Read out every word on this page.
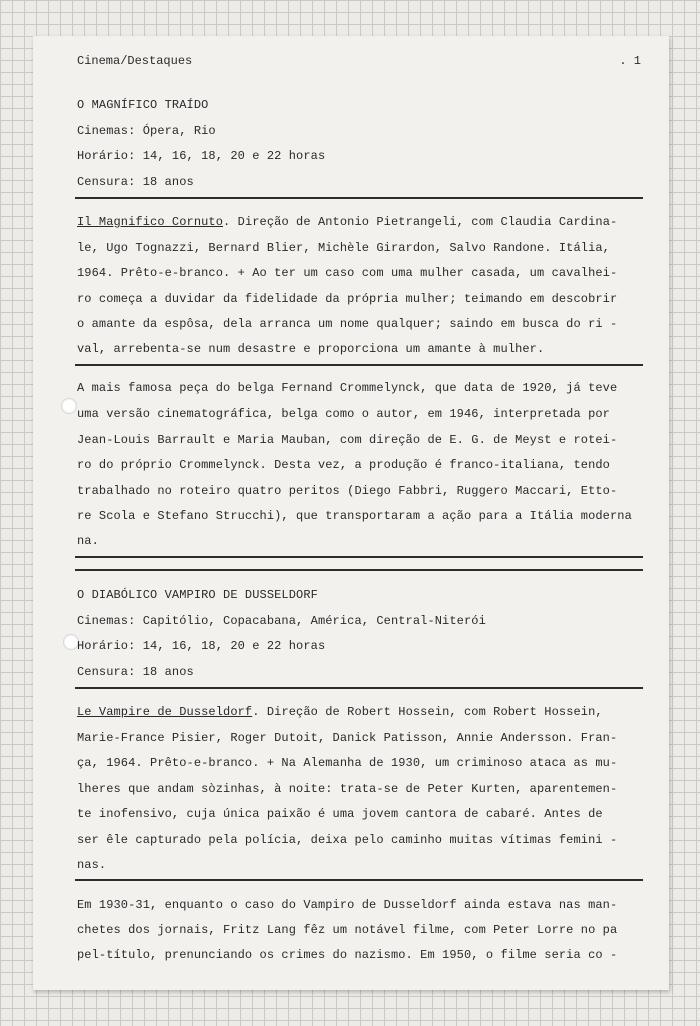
Cinema/Destaques	. 1
O MAGNÍFICO TRAÍDO
Cinemas: Ópera, Rio
Horário: 14, 16, 18, 20 e 22 horas
Censura: 18 anos
Il Magnifico Cornuto. Direção de Antonio Pietrangeli, com Claudia Cardina-
le, Ugo Tognazzi, Bernard Blier, Michèle Girardon, Salvo Randone. Itália,
1964. Prêto-e-branco. + Ao ter um caso com uma mulher casada, um cavalhei-
ro começa a duvidar da fidelidade da própria mulher; teimando em descobrir
o amante da espôsa, dela arranca um nome qualquer; saindo em busca do ri -
val, arrebenta-se num desastre e proporciona um amante à mulher.
A mais famosa peça do belga Fernand Crommelynck, que data de 1920, já teve
uma versão cinematográfica, belga como o autor, em 1946, interpretada por
Jean-Louis Barrault e Maria Mauban, com direção de E. G. de Meyst e rotei-
ro do próprio Crommelynck. Desta vez, a produção é franco-italiana, tendo
trabalhado no roteiro quatro peritos (Diego Fabbri, Ruggero Maccari, Etto-
re Scola e Stefano Strucchi), que transportaram a ação para a Itália moderna
na.
O DIABÓLICO VAMPIRO DE DUSSELDORF
Cinemas: Capitólio, Copacabana, América, Central-Niterói
Horário: 14, 16, 18, 20 e 22 horas
Censura: 18 anos
Le Vampire de Dusseldorf. Direção de Robert Hossein, com Robert Hossein,
Marie-France Pisier, Roger Dutoit, Danick Patisson, Annie Andersson. Fran-
ça, 1964. Prêto-e-branco. + Na Alemanha de 1930, um criminoso ataca as mu-
lheres que andam sòzinhas, à noite: trata-se de Peter Kurten, aparentemen-
te inofensivo, cuja única paixão é uma jovem cantora de cabaré. Antes de
ser êle capturado pela polícia, deixa pelo caminho muitas vítimas femini -
nas.
Em 1930-31, enquanto o caso do Vampiro de Dusseldorf ainda estava nas man-
chetes dos jornais, Fritz Lang fêz um notável filme, com Peter Lorre no pa
pel-título, prenunciando os crimes do nazismo. Em 1950, o filme seria co -
